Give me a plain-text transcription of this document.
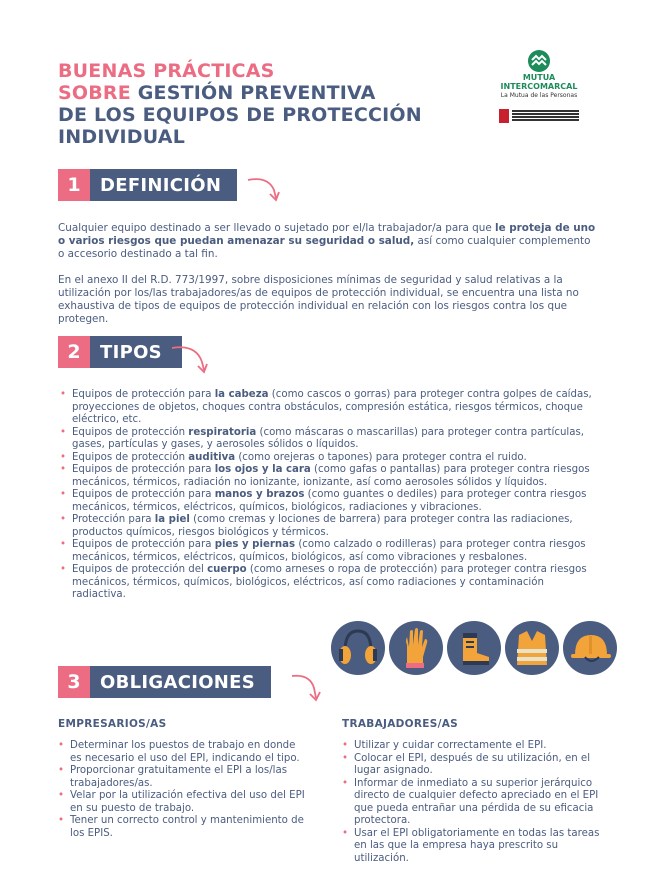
BUENAS PRÁCTICAS
SOBRE GESTIÓN PREVENTIVA
DE LOS EQUIPOS DE PROTECCIÓN
INDIVIDUAL
MUTUA
INTERCOMARCAL
La Mutua de las Personas
1	DEFINICIÓN

Cualquier equipo destinado a ser llevado o sujetado por el/la trabajador/a para que le proteja de uno o varios riesgos que puedan amenazar su seguridad o salud, así como cualquier complemento o accesorio destinado a tal fin.

En el anexo II del R.D. 773/1997, sobre disposiciones mínimas de seguridad y salud relativas a la utilización por los/las trabajadores/as de equipos de protección individual, se encuentra una lista no exhaustiva de tipos de equipos de protección individual en relación con los riesgos contra los que protegen.

2	TIPOS
• Equipos de protección para la cabeza (como cascos o gorras) para proteger contra golpes de caídas, proyecciones de objetos, choques contra obstáculos, compresión estática, riesgos térmicos, choque eléctrico, etc.
• Equipos de protección respiratoria (como máscaras o mascarillas) para proteger contra partículas, gases, partículas y gases, y aerosoles sólidos o líquidos.
• Equipos de protección auditiva (como orejeras o tapones) para proteger contra el ruido.
• Equipos de protección para los ojos y la cara (como gafas o pantallas) para proteger contra riesgos mecánicos, térmicos, radiación no ionizante, ionizante, así como aerosoles sólidos y líquidos.
• Equipos de protección para manos y brazos (como guantes o dediles) para proteger contra riesgos mecánicos, térmicos, eléctricos, químicos, biológicos, radiaciones y vibraciones.
• Protección para la piel (como cremas y lociones de barrera) para proteger contra las radiaciones, productos químicos, riesgos biológicos y térmicos.
• Equipos de protección para pies y piernas (como calzado o rodilleras) para proteger contra riesgos mecánicos, térmicos, eléctricos, químicos, biológicos, así como vibraciones y resbalones.
• Equipos de protección del cuerpo (como arneses o ropa de protección) para proteger contra riesgos mecánicos, térmicos, químicos, biológicos, eléctricos, así como radiaciones y contaminación radiactiva.
3	OBLIGACIONES
EMPRESARIOS/AS
• Determinar los puestos de trabajo en donde es necesario el uso del EPI, indicando el tipo.
• Proporcionar gratuitamente el EPI a los/las trabajadores/as.
• Velar por la utilización efectiva del uso del EPI en su puesto de trabajo.
• Tener un correcto control y mantenimiento de los EPIS.
TRABAJADORES/AS
• Utilizar y cuidar correctamente el EPI.
• Colocar el EPI, después de su utilización, en el lugar asignado.
• Informar de inmediato a su superior jerárquico directo de cualquier defecto apreciado en el EPI que pueda entrañar una pérdida de su eficacia protectora.
• Usar el EPI obligatoriamente en todas las tareas en las que la empresa haya prescrito su utilización.
